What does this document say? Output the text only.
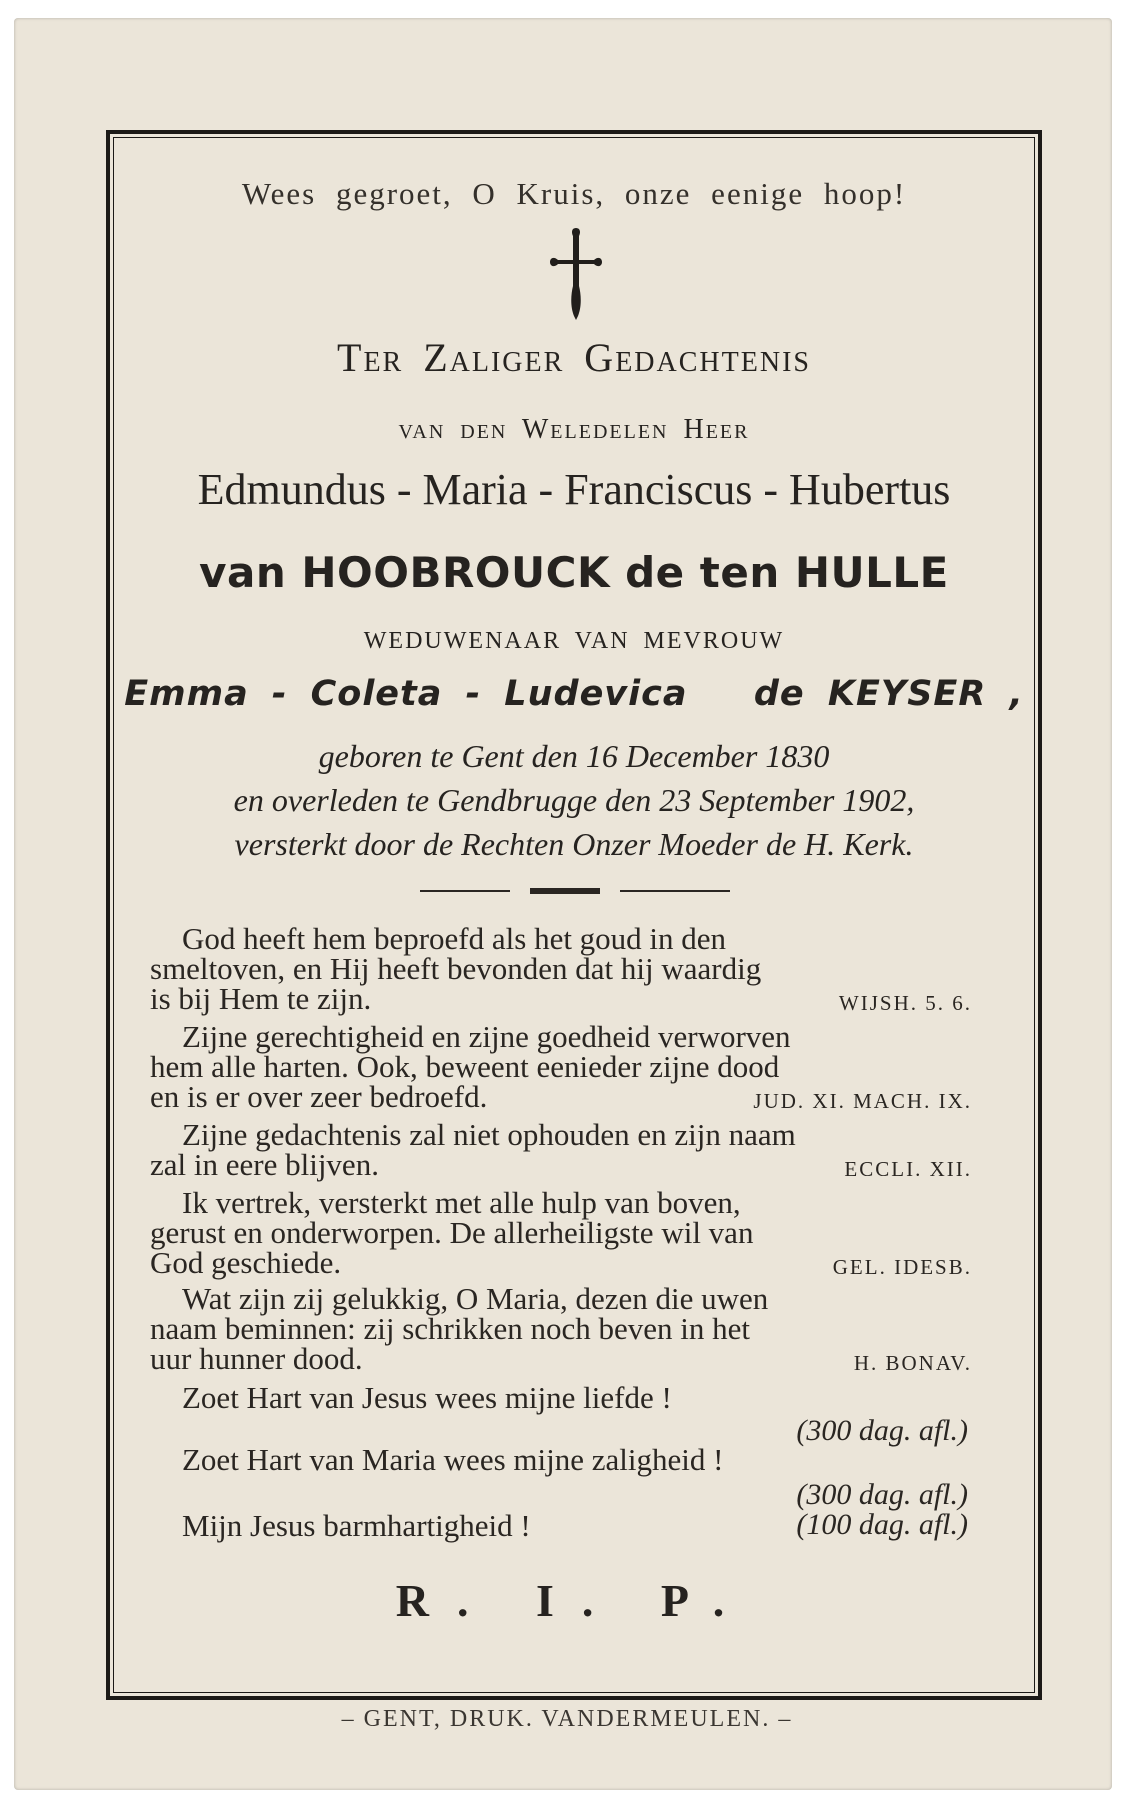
Wees gegroet, O Kruis, onze eenige hoop!
Ter Zaliger Gedachtenis
van den Weledelen Heer
Edmundus - Maria - Franciscus - Hubertus
van HOOBROUCK de ten HULLE
WEDUWENAAR VAN MEVROUW
Emma - Coleta - Ludevica de KEYSER ,
geboren te Gent den 16 December 1830
en overleden te Gendbrugge den 23 September 1902,
versterkt door de Rechten Onzer Moeder de H. Kerk.

God heeft hem beproefd als het goud in den

smeltoven, en Hij heeft bevonden dat hij waardig

is bij Hem te zijn.	WIJSH. 5. 6.

Zijne gerechtigheid en zijne goedheid verworven

hem alle harten. Ook, beweent eenieder zijne dood

en is er over zeer bedroefd.	JUD. XI. MACH. IX.

Zijne gedachtenis zal niet ophouden en zijn naam

zal in eere blijven.	ECCLI. XII.

Ik vertrek, versterkt met alle hulp van boven,

gerust en onderworpen. De allerheiligste wil van

God geschiede.	GEL. IDESB.

Wat zijn zij gelukkig, O Maria, dezen die uwen

naam beminnen: zij schrikken noch beven in het

uur hunner dood.	H. BONAV.
Zoet Hart van Jesus wees mijne liefde !
(300 dag. afl.)
Zoet Hart van Maria wees mijne zaligheid !
(300 dag. afl.)
Mijn Jesus barmhartigheid !	(100 dag. afl.)
R. I. P.
– GENT, DRUK. VANDERMEULEN. –
